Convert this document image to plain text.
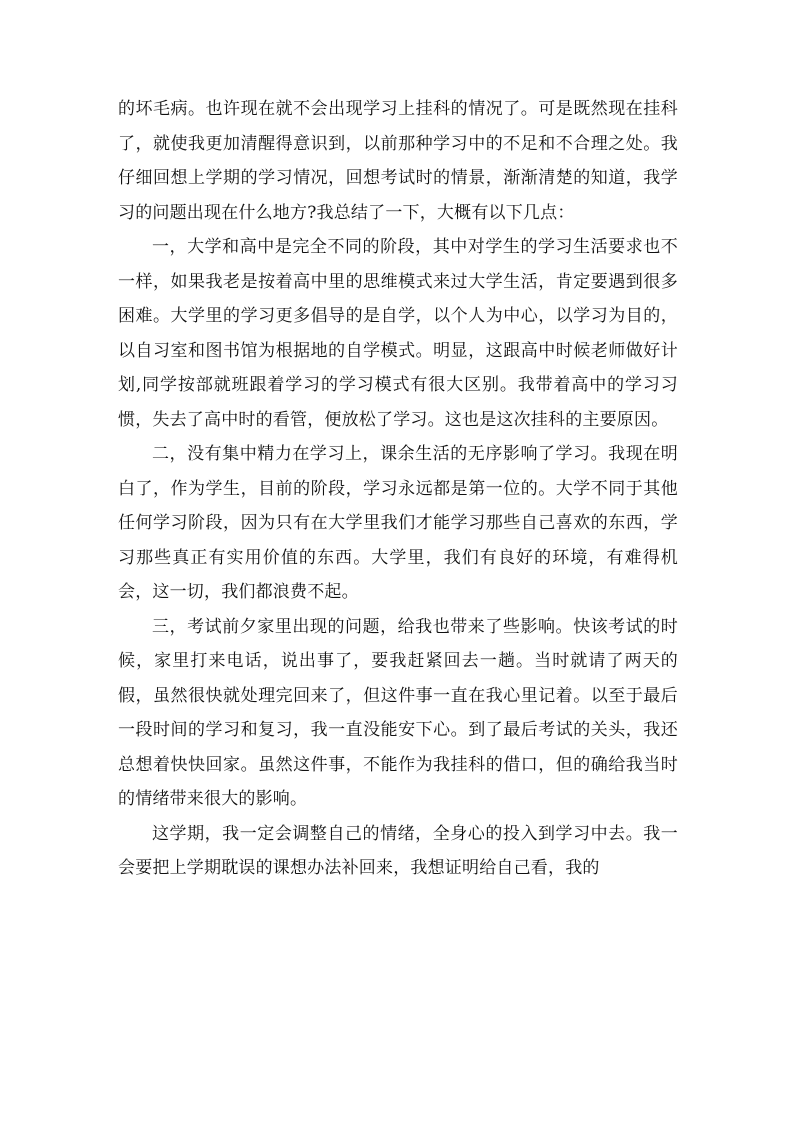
的坏毛病。也许现在就不会出现学习上挂科的情况了。可是既然现在挂科了，就使我更加清醒得意识到，以前那种学习中的不足和不合理之处。我仔细回想上学期的学习情况，回想考试时的情景，渐渐清楚的知道，我学习的问题出现在什么地方?我总结了一下，大概有以下几点：

一，大学和高中是完全不同的阶段，其中对学生的学习生活要求也不一样，如果我老是按着高中里的思维模式来过大学生活，肯定要遇到很多困难。大学里的学习更多倡导的是自学，以个人为中心，以学习为目的，以自习室和图书馆为根据地的自学模式。明显，这跟高中时候老师做好计划,同学按部就班跟着学习的学习模式有很大区别。我带着高中的学习习惯，失去了高中时的看管，便放松了学习。这也是这次挂科的主要原因。

二，没有集中精力在学习上，课余生活的无序影响了学习。我现在明白了，作为学生，目前的阶段，学习永远都是第一位的。大学不同于其他任何学习阶段，因为只有在大学里我们才能学习那些自己喜欢的东西，学习那些真正有实用价值的东西。大学里，我们有良好的环境，有难得机会，这一切，我们都浪费不起。

三，考试前夕家里出现的问题，给我也带来了些影响。快该考试的时候，家里打来电话，说出事了，要我赶紧回去一趟。当时就请了两天的假，虽然很快就处理完回来了，但这件事一直在我心里记着。以至于最后一段时间的学习和复习，我一直没能安下心。到了最后考试的关头，我还总想着快快回家。虽然这件事，不能作为我挂科的借口，但的确给我当时的情绪带来很大的影响。

这学期，我一定会调整自己的情绪，全身心的投入到学习中去。我一会要把上学期耽误的课想办法补回来，我想证明给自己看，我的
